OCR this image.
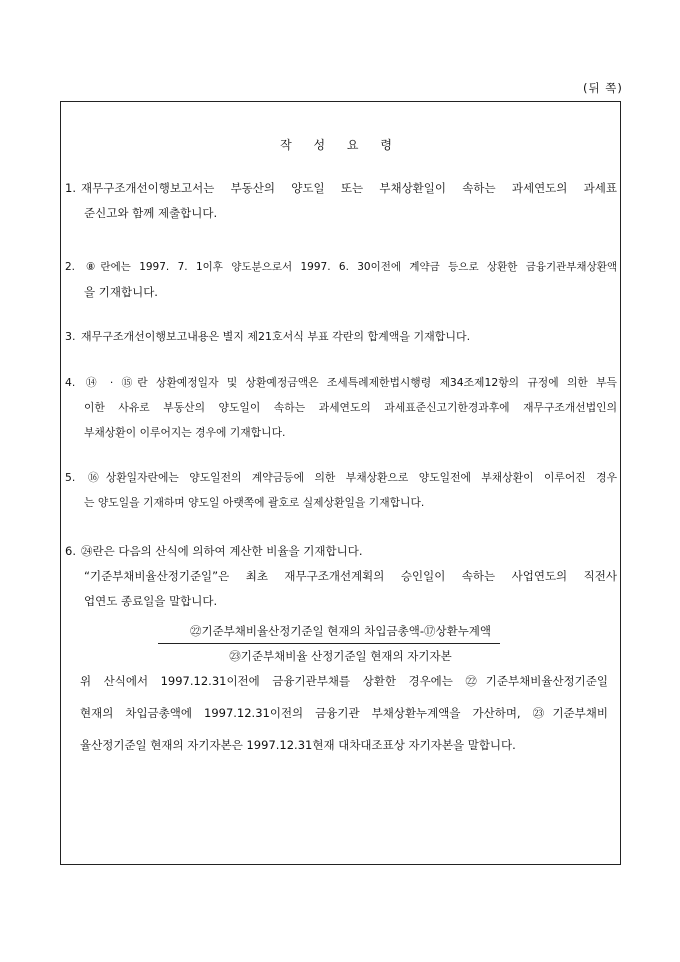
(뒤 쪽)
작 성 요 령
1. 재무구조개선이행보고서는 부동산의 양도일 또는 부채상환일이 속하는 과세연도의 과세표
준신고와 함께 제출합니다.
2. ⑧란에는 1997. 7. 1이후 양도분으로서 1997. 6. 30이전에 계약금 등으로 상환한 금융기관부채상환액
을 기재합니다.
3. 재무구조개선이행보고내용은 별지 제21호서식 부표 각란의 합계액을 기재합니다.
4. ⑭ · ⑮란 상환예정일자 및 상환예정금액은 조세특례제한법시행령 제34조제12항의 규정에 의한 부득
이한 사유로 부동산의 양도일이 속하는 과세연도의 과세표준신고기한경과후에 재무구조개선법인의
부채상환이 이루어지는 경우에 기재합니다.
5. ⑯상환일자란에는 양도일전의 계약금등에 의한 부채상환으로 양도일전에 부채상환이 이루어진 경우
는 양도일을 기재하며 양도일 아랫쪽에 괄호로 실제상환일을 기재합니다.
6. ㉔란은 다음의 산식에 의하여 계산한 비율을 기재합니다.
“기준부채비율산정기준일”은 최초 재무구조개선계획의 승인일이 속하는 사업연도의 직전사
업연도 종료일을 말합니다.
㉒기준부채비율산정기준일 현재의 차입금총액-⑰상환누계액
㉓기준부채비율 산정기준일 현재의 자기자본
위 산식에서 1997.12.31이전에 금융기관부채를 상환한 경우에는 ㉒기준부채비율산정기준일
현재의 차입금총액에 1997.12.31이전의 금융기관 부채상환누계액을 가산하며, ㉓기준부채비
율산정기준일 현재의 자기자본은 1997.12.31현재 대차대조표상 자기자본을 말합니다.
